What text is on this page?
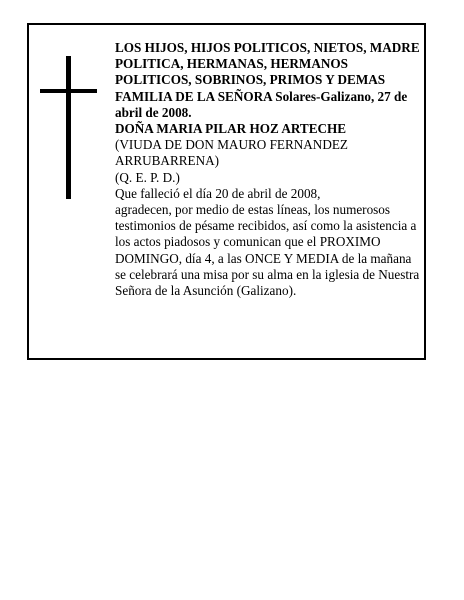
LOS HIJOS, HIJOS POLITICOS, NIETOS, MADRE POLITICA, HERMANAS, HERMANOS POLITICOS, SOBRINOS, PRIMOS Y DEMAS FAMILIA DE LA SEÑORA Solares-Galizano, 27 de abril de 2008.

DOÑA MARIA PILAR HOZ ARTECHE

(VIUDA DE DON MAURO FERNANDEZ ARRUBARRENA)

(Q. E. P. D.)

Que falleció el día 20 de abril de 2008,

agradecen, por medio de estas líneas, los numerosos testimonios de pésame recibidos, así como la asistencia a los actos piadosos y comunican que el PROXIMO DOMINGO, día 4, a las ONCE Y MEDIA de la mañana se celebrará una misa por su alma en la iglesia de Nuestra Señora de la Asunción (Galizano).
